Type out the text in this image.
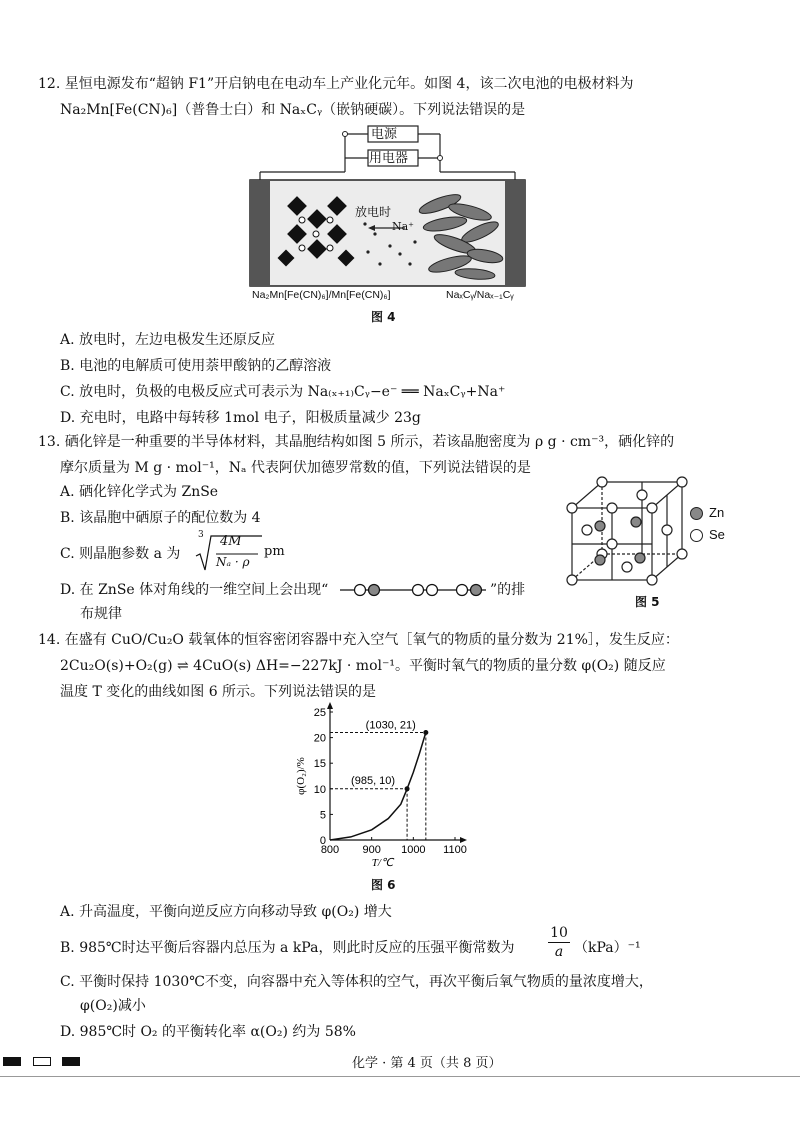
12. 星恒电源发布“超钠 F1”开启钠电在电动车上产业化元年。如图 4，该二次电池的电极材料为
Na₂Mn[Fe(CN)₆]（普鲁士白）和 NaₓCᵧ（嵌钠硬碳）。下列说法错误的是
电源
用电器
放电时
Na⁺
Na₂Mn[Fe(CN)₆]/Mn[Fe(CN)₆]	NaₓCᵧ/Naₓ₋₁Cᵧ
图 4
A. 放电时，左边电极发生还原反应
B. 电池的电解质可使用萘甲酸钠的乙醇溶液
C. 放电时，负极的电极反应式可表示为 Na₍ₓ₊₁₎Cᵧ−e⁻ ══ NaₓCᵧ+Na⁺
D. 充电时，电路中每转移 1mol 电子，阳极质量减少 23g
13. 硒化锌是一种重要的半导体材料，其晶胞结构如图 5 所示，若该晶胞密度为 ρ g · cm⁻³，硒化锌的
摩尔质量为 M g · mol⁻¹，Nₐ 代表阿伏加德罗常数的值，下列说法错误的是
A. 硒化锌化学式为 ZnSe
B. 该晶胞中硒原子的配位数为 4
C. 则晶胞参数 a 为
3 4M
Nₐ · ρ
pm
D. 在 ZnSe 体对角线的一维空间上会出现“	”的排
布规律
Zn
Se
图 5
14. 在盛有 CuO/Cu₂O 载氧体的恒容密闭容器中充入空气［氧气的物质的量分数为 21%］，发生反应：
2Cu₂O(s)+O₂(g) ⇌ 4CuO(s) ΔH=−227kJ · mol⁻¹。平衡时氧气的物质的量分数 φ(O₂) 随反应
温度 T 变化的曲线如图 6 所示。下列说法错误的是
800 900 1000 1100
0
5
10
15
20
25
T/℃
φ(O₂)/%	(985, 10)
(1030, 21)
图 6
A. 升高温度，平衡向逆反应方向移动导致 φ(O₂) 增大
B. 985℃时达平衡后容器内总压为 a kPa，则此时反应的压强平衡常数为 $\frac{10}{a} (kPa)^{-1}$
C. 平衡时保持 1030℃不变，向容器中充入等体积的空气，再次平衡后氧气物质的量浓度增大，
φ(O₂)减小
D. 985℃时 O₂ 的平衡转化率 α(O₂) 约为 58%
化学 · 第 4 页（共 8 页）
